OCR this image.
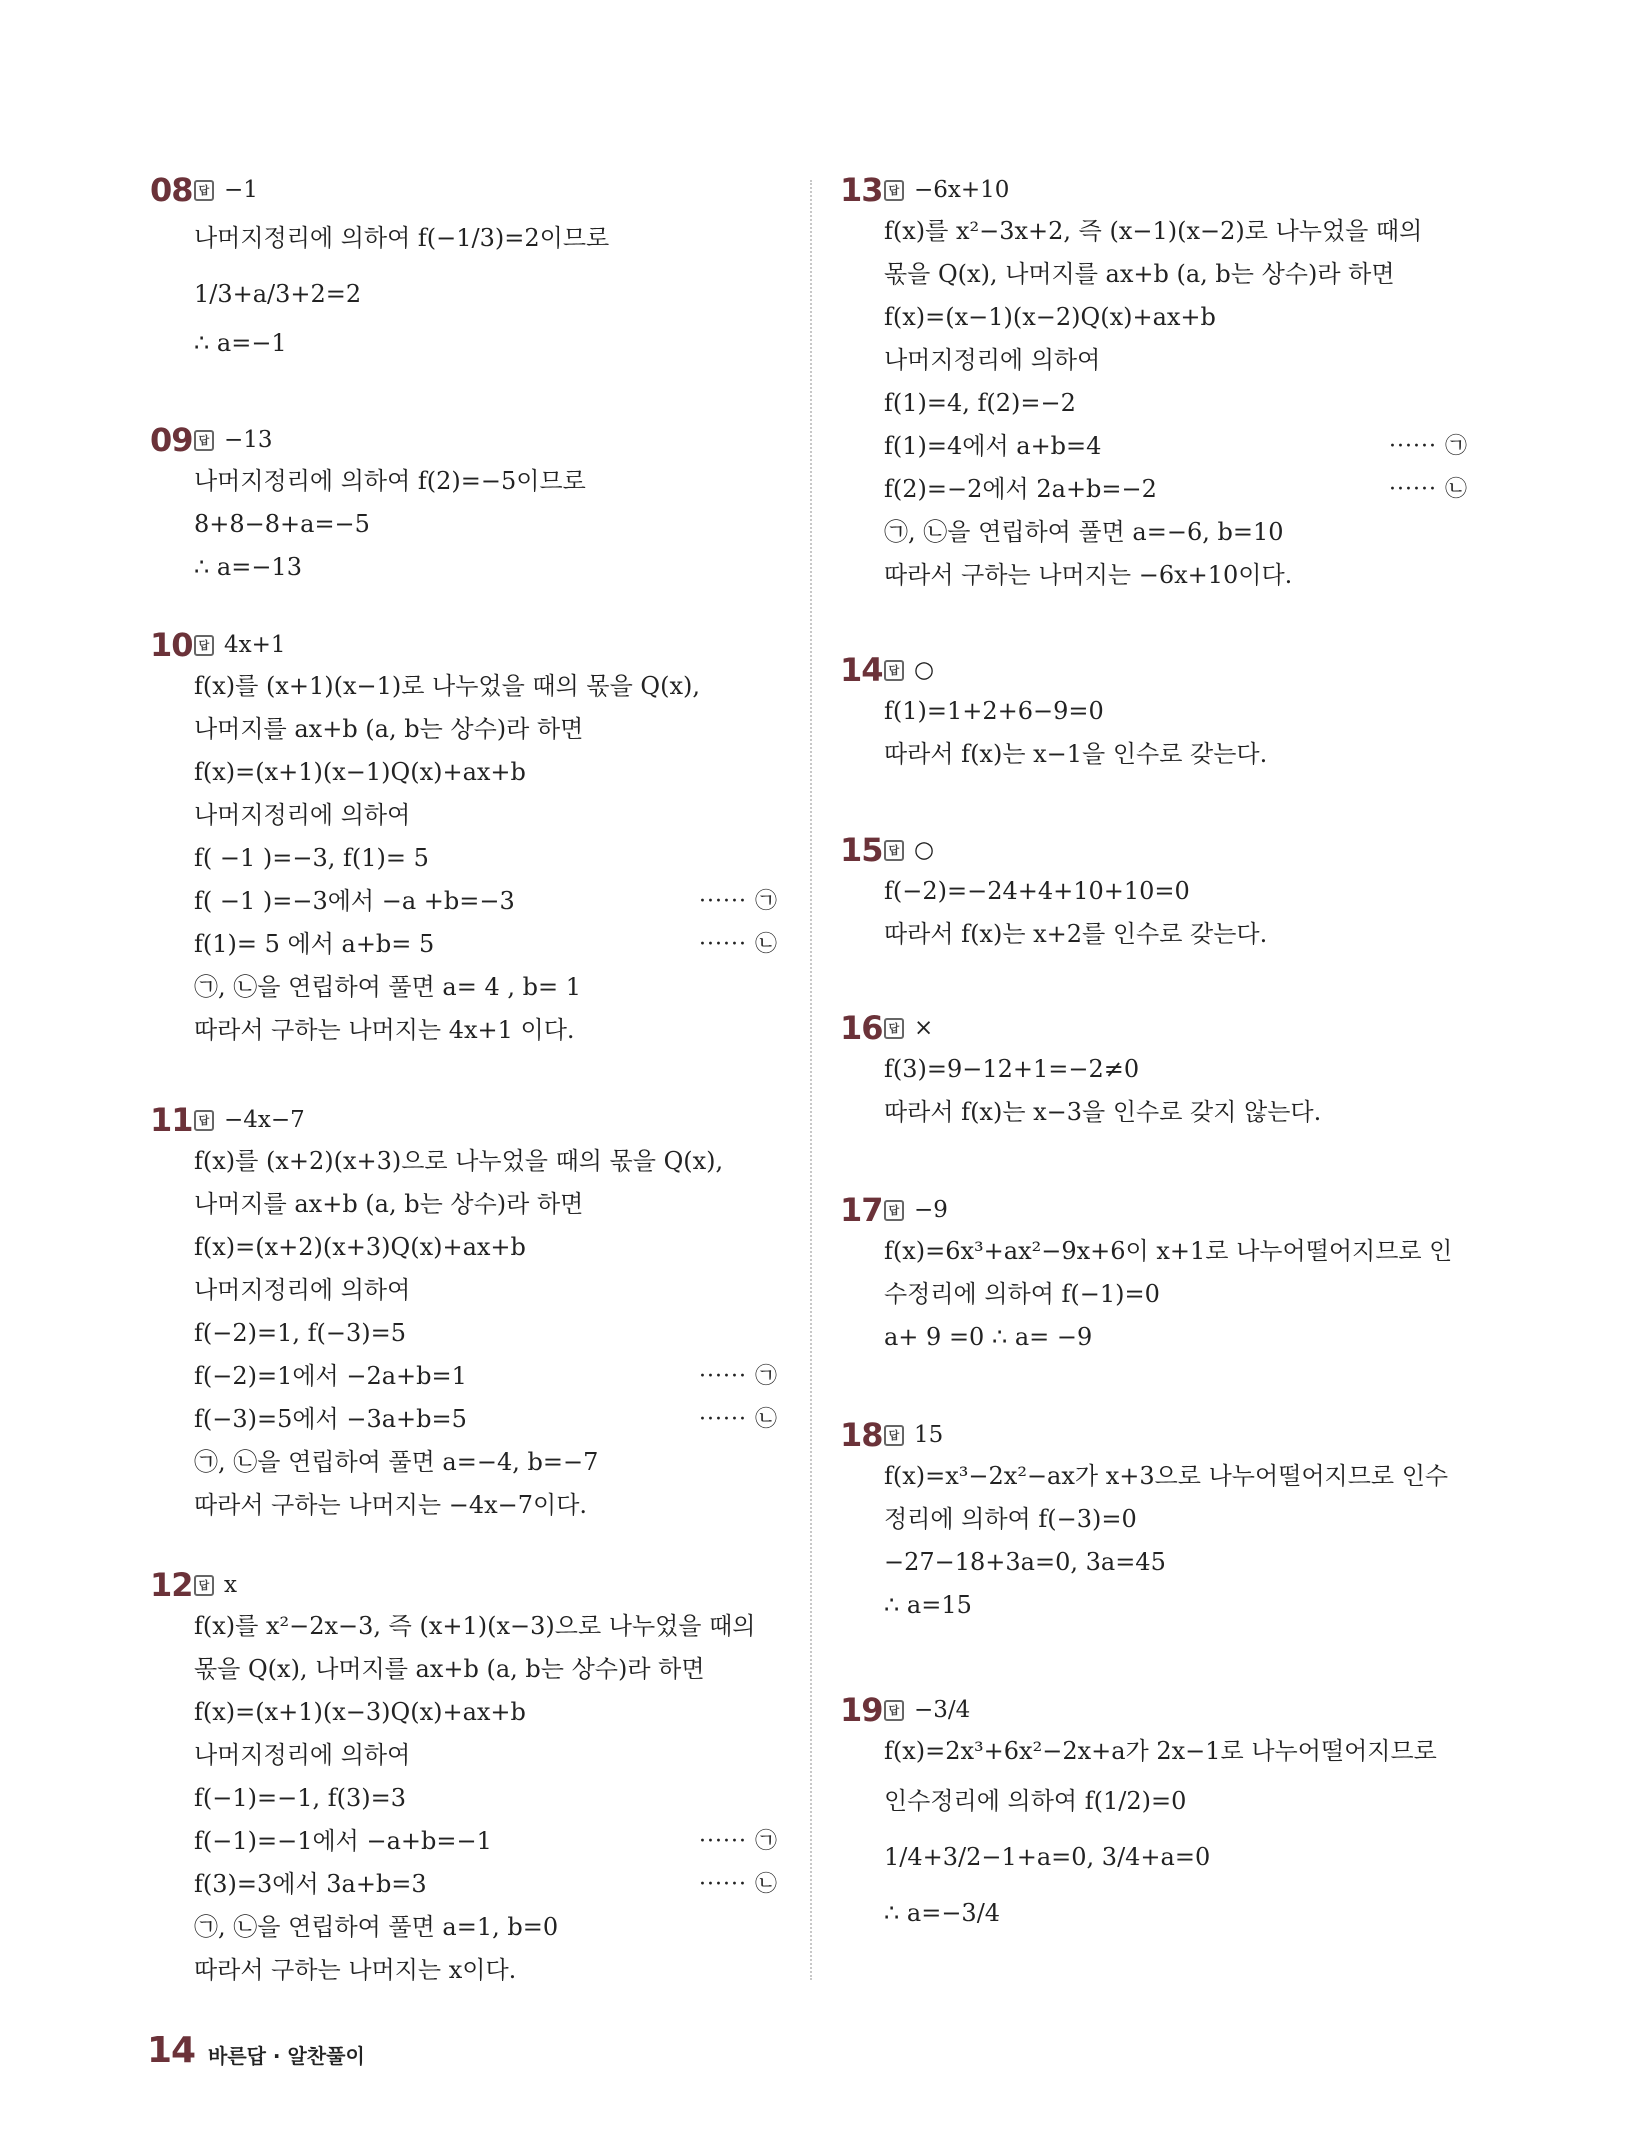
08 답 −1
나머지정리에 의하여 f(−1/3)=2이므로
1/3+a/3+2=2
∴ a=−1
09 답 −13
나머지정리에 의하여 f(2)=−5이므로
8+8−8+a=−5
∴ a=−13
10 답 4x+1
f(x)를 (x+1)(x−1)로 나누었을 때의 몫을 Q(x),
나머지를 ax+b (a, b는 상수)라 하면
f(x)=(x+1)(x−1)Q(x)+ax+b
나머지정리에 의하여
f( −1 )=−3, f(1)= 5
f( −1 )=−3에서 −a +b=−3	······ ㉠
f(1)= 5 에서 a+b= 5	······ ㉡
㉠, ㉡을 연립하여 풀면 a= 4 , b= 1
따라서 구하는 나머지는 4x+1 이다.
11 답 −4x−7
f(x)를 (x+2)(x+3)으로 나누었을 때의 몫을 Q(x),
나머지를 ax+b (a, b는 상수)라 하면
f(x)=(x+2)(x+3)Q(x)+ax+b
나머지정리에 의하여
f(−2)=1, f(−3)=5
f(−2)=1에서 −2a+b=1	······ ㉠
f(−3)=5에서 −3a+b=5	······ ㉡
㉠, ㉡을 연립하여 풀면 a=−4, b=−7
따라서 구하는 나머지는 −4x−7이다.
12 답 x
f(x)를 x²−2x−3, 즉 (x+1)(x−3)으로 나누었을 때의
몫을 Q(x), 나머지를 ax+b (a, b는 상수)라 하면
f(x)=(x+1)(x−3)Q(x)+ax+b
나머지정리에 의하여
f(−1)=−1, f(3)=3
f(−1)=−1에서 −a+b=−1	······ ㉠
f(3)=3에서 3a+b=3	······ ㉡
㉠, ㉡을 연립하여 풀면 a=1, b=0
따라서 구하는 나머지는 x이다.
13 답 −6x+10
f(x)를 x²−3x+2, 즉 (x−1)(x−2)로 나누었을 때의
몫을 Q(x), 나머지를 ax+b (a, b는 상수)라 하면
f(x)=(x−1)(x−2)Q(x)+ax+b
나머지정리에 의하여
f(1)=4, f(2)=−2
f(1)=4에서 a+b=4	······ ㉠
f(2)=−2에서 2a+b=−2	······ ㉡
㉠, ㉡을 연립하여 풀면 a=−6, b=10
따라서 구하는 나머지는 −6x+10이다.
14 답 ○
f(1)=1+2+6−9=0
따라서 f(x)는 x−1을 인수로 갖는다.
15 답 ○
f(−2)=−24+4+10+10=0
따라서 f(x)는 x+2를 인수로 갖는다.
16 답 ×
f(3)=9−12+1=−2≠0
따라서 f(x)는 x−3을 인수로 갖지 않는다.
17 답 −9
f(x)=6x³+ax²−9x+6이 x+1로 나누어떨어지므로 인
수정리에 의하여 f(−1)=0
a+ 9 =0 ∴ a= −9
18 답 15
f(x)=x³−2x²−ax가 x+3으로 나누어떨어지므로 인수
정리에 의하여 f(−3)=0
−27−18+3a=0, 3a=45
∴ a=15
19 답 −3/4
f(x)=2x³+6x²−2x+a가 2x−1로 나누어떨어지므로
인수정리에 의하여 f(1/2)=0
1/4+3/2−1+a=0, 3/4+a=0
∴ a=−3/4
14 바른답 · 알찬풀이
